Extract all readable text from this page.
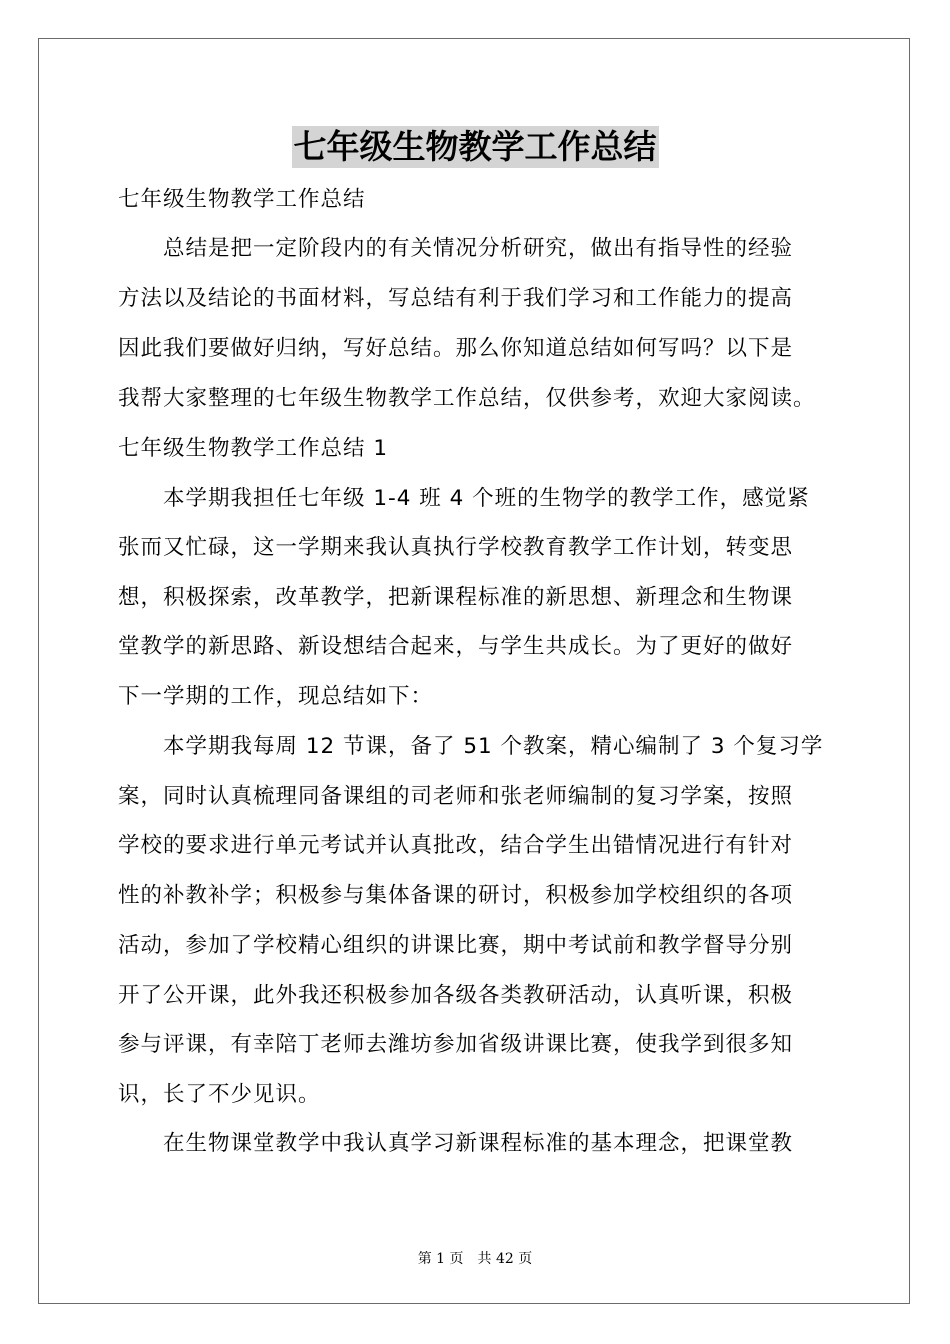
七年级生物教学工作总结
七年级生物教学工作总结
总结是把一定阶段内的有关情况分析研究，做出有指导性的经验
方法以及结论的书面材料，写总结有利于我们学习和工作能力的提高
因此我们要做好归纳，写好总结。那么你知道总结如何写吗？以下是
我帮大家整理的七年级生物教学工作总结，仅供参考，欢迎大家阅读。
七年级生物教学工作总结 1
本学期我担任七年级 1-4 班 4 个班的生物学的教学工作，感觉紧
张而又忙碌，这一学期来我认真执行学校教育教学工作计划，转变思
想，积极探索，改革教学，把新课程标准的新思想、新理念和生物课
堂教学的新思路、新设想结合起来，与学生共成长。为了更好的做好
下一学期的工作，现总结如下：
本学期我每周 12 节课，备了 51 个教案，精心编制了 3 个复习学
案，同时认真梳理同备课组的司老师和张老师编制的复习学案，按照
学校的要求进行单元考试并认真批改，结合学生出错情况进行有针对
性的补教补学；积极参与集体备课的研讨，积极参加学校组织的各项
活动，参加了学校精心组织的讲课比赛，期中考试前和教学督导分别
开了公开课，此外我还积极参加各级各类教研活动，认真听课，积极
参与评课，有幸陪丁老师去潍坊参加省级讲课比赛，使我学到很多知
识，长了不少见识。
在生物课堂教学中我认真学习新课程标准的基本理念，把课堂教
第 1 页　共 42 页
